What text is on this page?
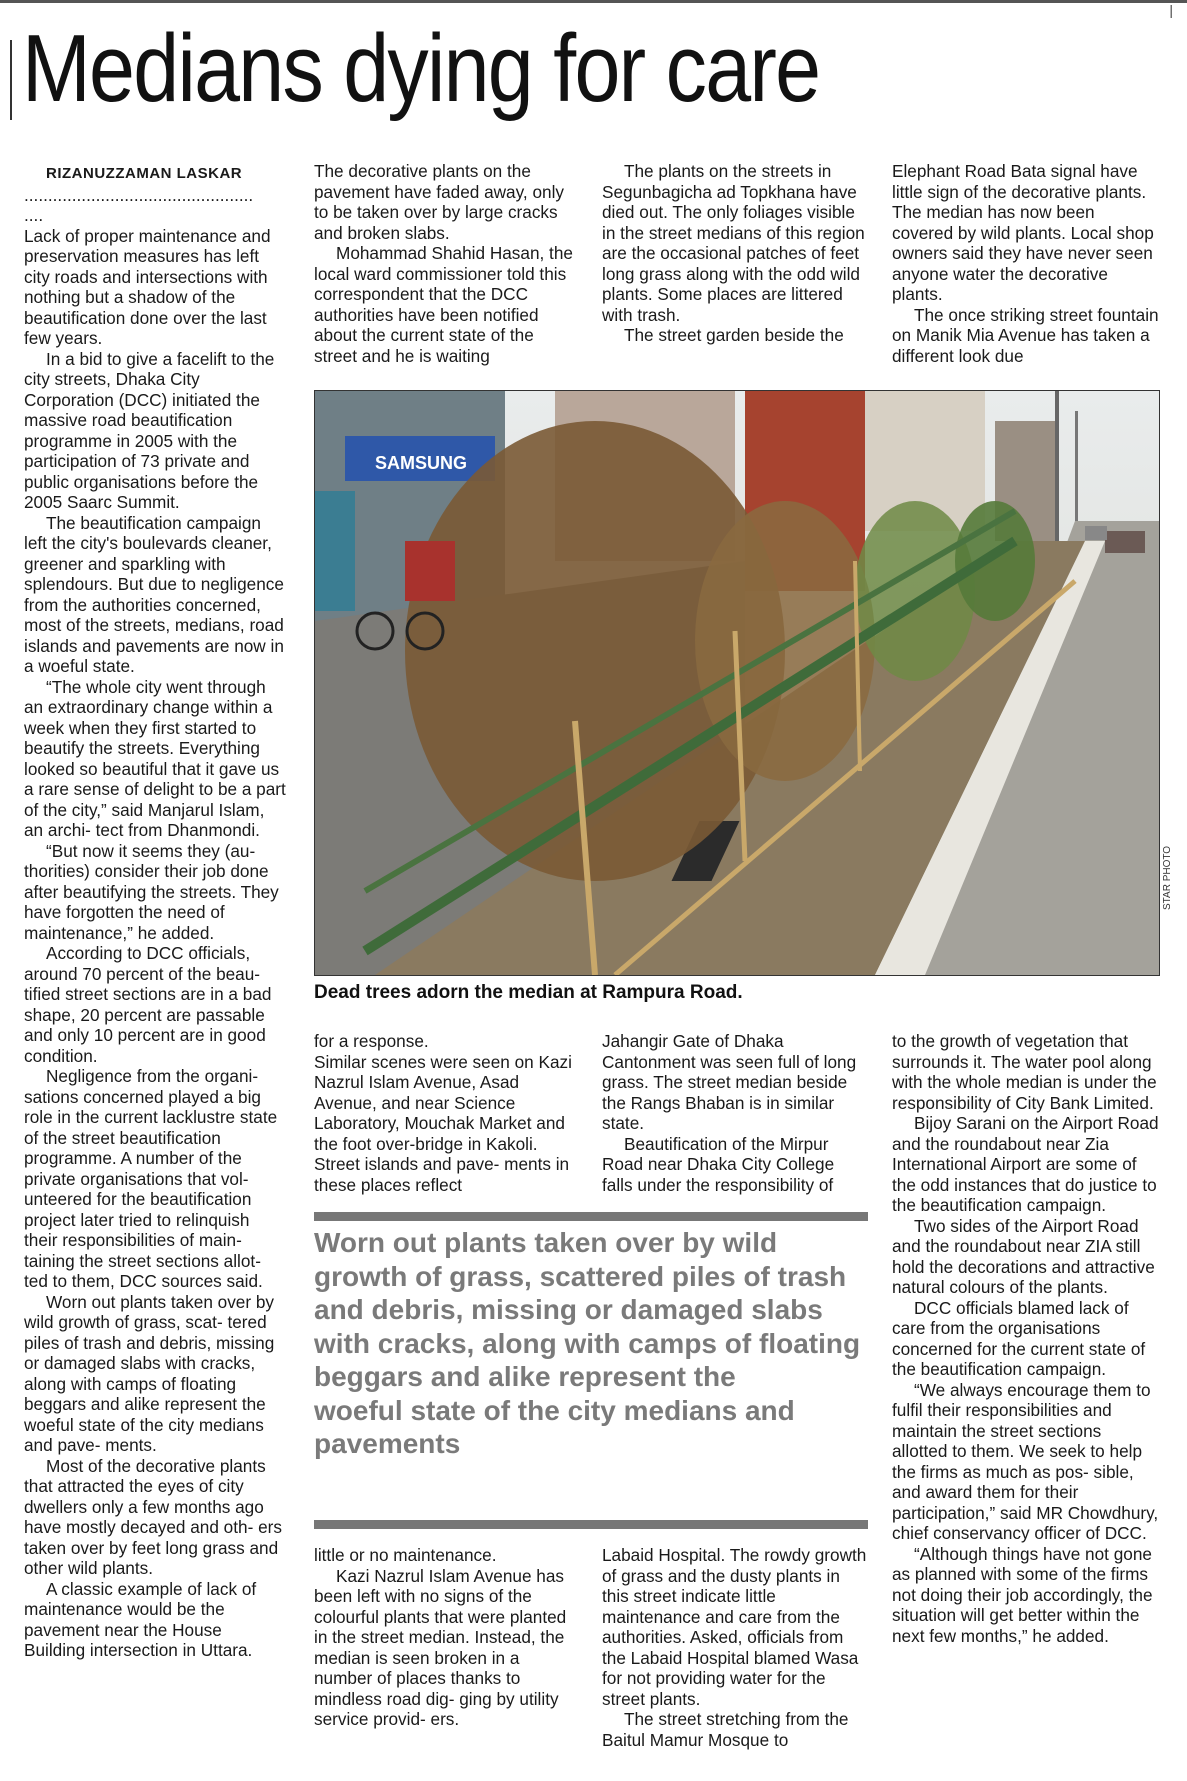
|
Medians dying for care

RIZANUZZAMAN LASKAR

................................................

....

Lack of proper maintenance and preservation measures has left city roads and intersections with nothing but a shadow of the beautification done over the last few years.

In a bid to give a facelift to the city streets, Dhaka City Corporation (DCC) initiated the massive road beautification programme in 2005 with the participation of 73 private and public organisations before the 2005 Saarc Summit.

The beautification campaign left the city's boulevards cleaner, greener and sparkling with splendours. But due to negligence from the authorities concerned, most of the streets, medians, road islands and pavements are now in a woeful state.

“The whole city went through an extraordinary change within a week when they first started to beautify the streets. Everything looked so beautiful that it gave us a rare sense of delight to be a part of the city,” said Manjarul Islam, an archi- tect from Dhanmondi.

“But now it seems they (au- thorities) consider their job done after beautifying the streets. They have forgotten the need of maintenance,” he added.

According to DCC officials, around 70 percent of the beau- tified street sections are in a bad shape, 20 percent are passable and only 10 percent are in good condition.

Negligence from the organi- sations concerned played a big role in the current lacklustre state of the street beautification programme. A number of the private organisations that vol- unteered for the beautification project later tried to relinquish their responsibilities of main- taining the street sections allot- ted to them, DCC sources said.

Worn out plants taken over by wild growth of grass, scat- tered piles of trash and debris, missing or damaged slabs with cracks, along with camps of floating beggars and alike represent the woeful state of the city medians and pave- ments.

Most of the decorative plants that attracted the eyes of city dwellers only a few months ago have mostly decayed and oth- ers taken over by feet long grass and other wild plants.

A classic example of lack of maintenance would be the pavement near the House Building intersection in Uttara.

The decorative plants on the pavement have faded away, only to be taken over by large cracks and broken slabs.

Mohammad Shahid Hasan, the local ward commissioner told this correspondent that the DCC authorities have been notified about the current state of the street and he is waiting

The plants on the streets in Segunbagicha ad Topkhana have died out. The only foliages visible in the street medians of this region are the occasional patches of feet long grass along with the odd wild plants. Some places are littered with trash.

The street garden beside the

Elephant Road Bata signal have little sign of the decorative plants. The median has now been covered by wild plants. Local shop owners said they have never seen anyone water the decorative plants.

The once striking street fountain on Manik Mia Avenue has taken a different look due

SAMSUNG
STAR PHOTO

Dead trees adorn the median at Rampura Road.

for a response.

Similar scenes were seen on Kazi Nazrul Islam Avenue, Asad Avenue, and near Science Laboratory, Mouchak Market and the foot over-bridge in Kakoli. Street islands and pave- ments in these places reflect

Jahangir Gate of Dhaka Cantonment was seen full of long grass. The street median beside the Rangs Bhaban is in similar state.

Beautification of the Mirpur Road near Dhaka City College falls under the responsibility of

Worn out plants taken over by wild growth of grass, scattered piles of trash and debris, missing or damaged slabs with cracks, along with camps of floating beggars and alike represent the
woeful state of the city medians and pavements

little or no maintenance.

Kazi Nazrul Islam Avenue has been left with no signs of the colourful plants that were planted in the street median. Instead, the median is seen broken in a number of places thanks to mindless road dig- ging by utility service provid- ers.

Labaid Hospital. The rowdy growth of grass and the dusty plants in this street indicate little maintenance and care from the authorities. Asked, officials from the Labaid Hospital blamed Wasa for not providing water for the street plants.

The street stretching from the Baitul Mamur Mosque to

to the growth of vegetation that surrounds it. The water pool along with the whole median is under the responsibility of City Bank Limited.

Bijoy Sarani on the Airport Road and the roundabout near Zia International Airport are some of the odd instances that do justice to the beautification campaign.

Two sides of the Airport Road and the roundabout near ZIA still hold the decorations and attractive natural colours of the plants.

DCC officials blamed lack of care from the organisations concerned for the current state of the beautification campaign.

“We always encourage them to fulfil their responsibilities and maintain the street sections allotted to them. We seek to help the firms as much as pos- sible, and award them for their participation,” said MR Chowdhury, chief conservancy officer of DCC.

“Although things have not gone as planned with some of the firms not doing their job accordingly, the situation will get better within the next few months,” he added.
